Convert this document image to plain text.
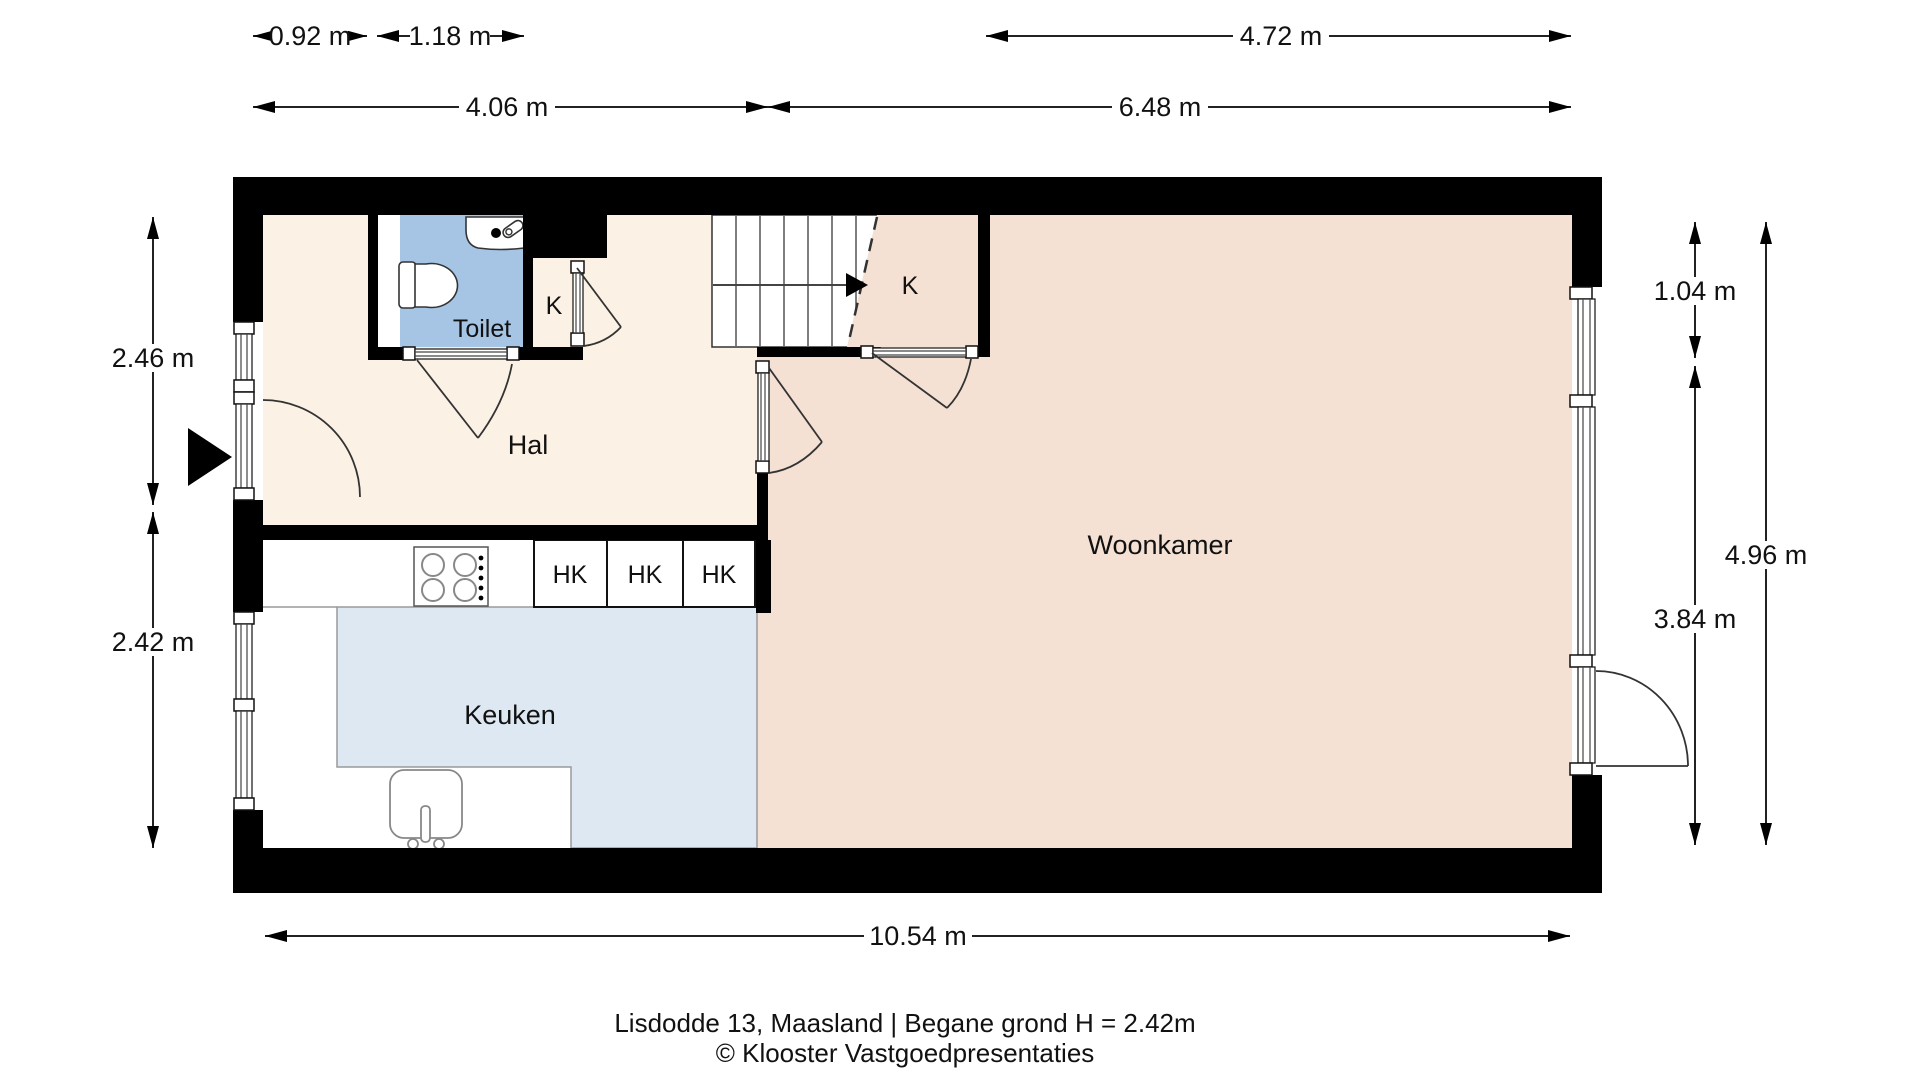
Hal
Toilet
K
K
Woonkamer
Keuken
HK HK HK
0.92 m 1.18 m	4.72 m
4.06 m	6.48 m
10.54 m
2.46 m
2.42 m
1.04 m
3.84 m
4.96 m
Lisdodde 13, Maasland | Begane grond H = 2.42m
© Klooster Vastgoedpresentaties
